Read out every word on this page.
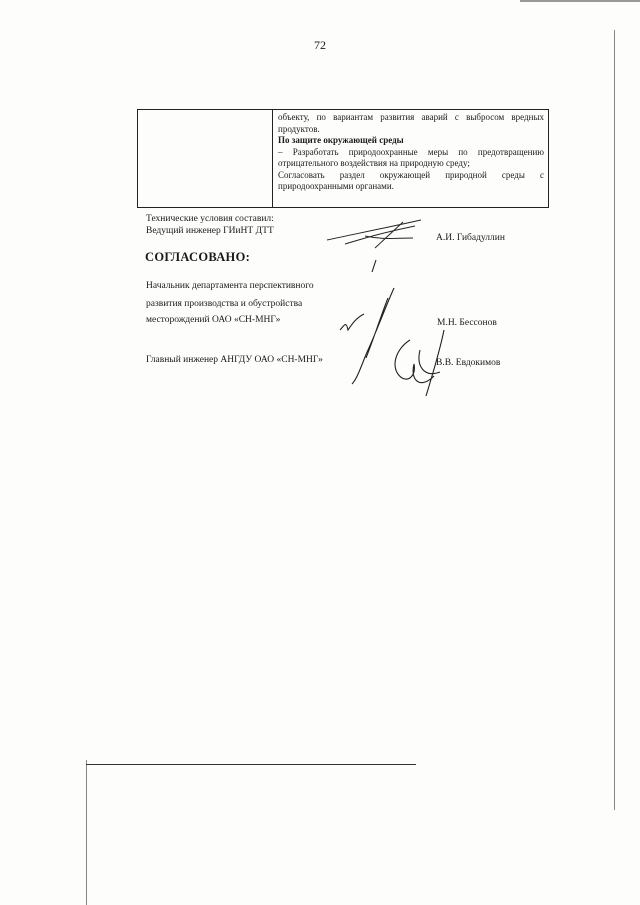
72
объекту, по вариантам развития аварий с выбросом вредных продуктов.
По защите окружающей среды
– Разработать природоохранные меры по предотвращению отрицательного воздействия на природную среду;
Согласовать раздел окружающей природной среды с природоохранными органами.
Технические условия составил:
Ведущий инженер ГИиНТ ДТТ
А.И. Гибадуллин
СОГЛАСОВАНО:
Начальник департамента перспективного
развития производства и обустройства
месторождений ОАО «СН-МНГ»	М.Н. Бессонов
Главный инженер АНГДУ ОАО «СН-МНГ»	В.В. Евдокимов
